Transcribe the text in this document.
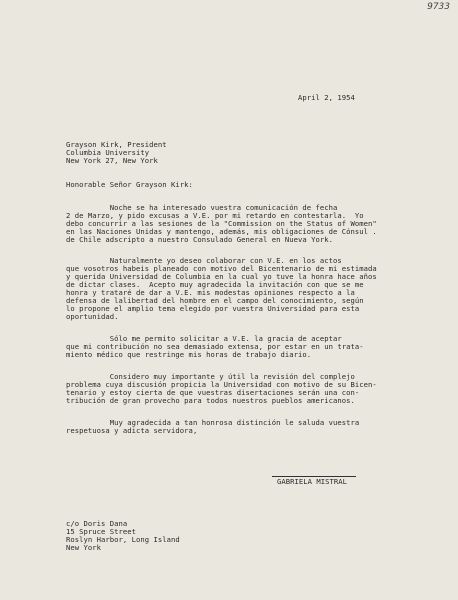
9733
April 2, 1954
Grayson Kirk, President
Columbia University
New York 27, New York
Honorable Señor Grayson Kirk:
Noche se ha interesado vuestra comunicación de fecha
2 de Marzo, y pido excusas a V.E. por mi retardo en contestarla.  Yo
debo concurrir a las sesiones de la "Commission on the Status of Women"
en las Naciones Unidas y mantengo, además, mis obligaciones de Cónsul .
de Chile adscripto a nuestro Consulado General en Nueva York.
Naturalmente yo deseo colaborar con V.E. en los actos
que vosotros habeis planeado con motivo del Bicentenario de mi estimada
y querida Universidad de Columbia en la cual yo tuve la honra hace años
de dictar clases.  Acepto muy agradecida la invitación con que se me
honra y trataré de dar a V.E. mis modestas opiniones respecto a la
defensa de lalibertad del hombre en el campo del conocimiento, según
lo propone el amplio tema elegido por vuestra Universidad para esta
oportunidad.
Sólo me permito solicitar a V.E. la gracia de aceptar
que mi contribución no sea demasiado extensa, por estar en un trata-
miento médico que restringe mis horas de trabajo diario.
Considero muy importante y útil la revisión del complejo
problema cuya discusión propicia la Universidad con motivo de su Bicen-
tenario y estoy cierta de que vuestras disertaciones serán una con-
tribución de gran provecho para todos nuestros pueblos americanos.
Muy agradecida a tan honrosa distinción le saluda vuestra
respetuosa y adicta servidora,
GABRIELA MISTRAL
c/o Doris Dana
15 Spruce Street
Roslyn Harbor, Long Island
New York
